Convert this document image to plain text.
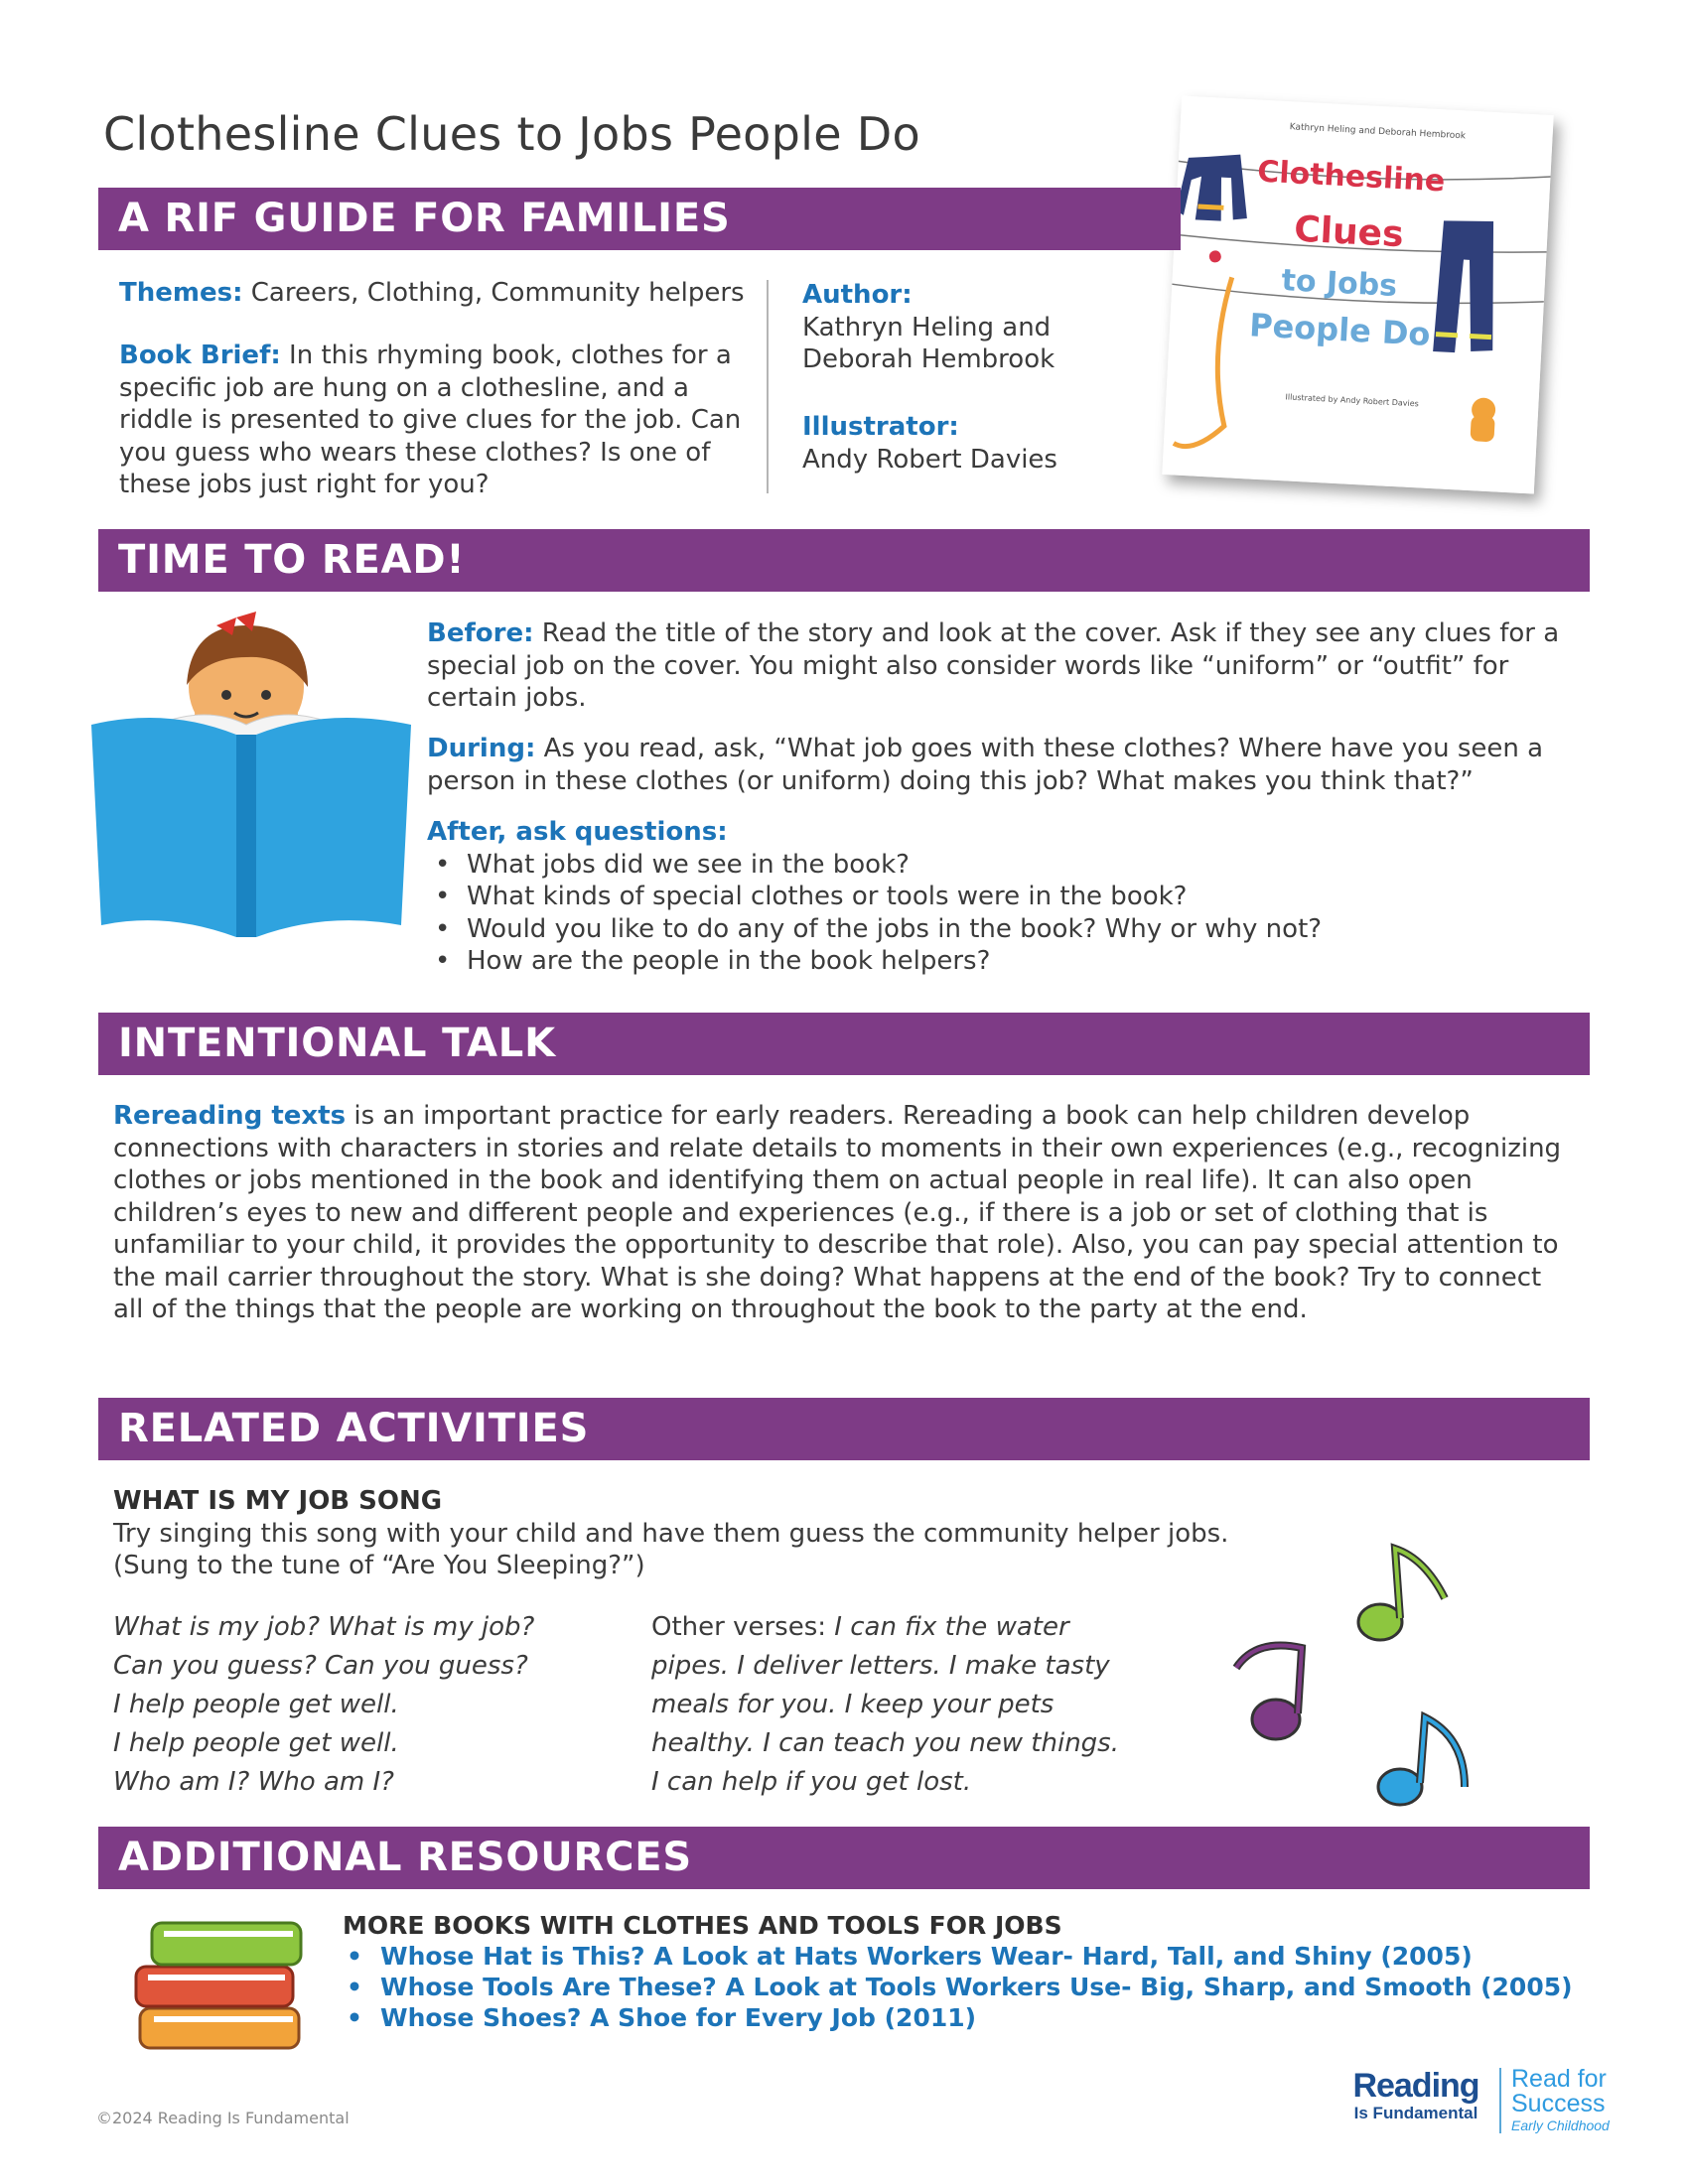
Clothesline Clues to Jobs People Do	Kathryn Heling and Deborah Hembrook
Clothesline
Clues
to Jobs
People Do
Illustrated by Andy Robert Davies
A RIF GUIDE FOR FAMILIES
Themes: Careers, Clothing, Community helpers
Book Brief: In this rhyming book, clothes for a specific job are hung on a clothesline, and a riddle is presented to give clues for the job. Can you guess who wears these clothes? Is one of these jobs just right for you?
Author:
Kathryn Heling and Deborah Hembrook
Illustrator:
Andy Robert Davies
TIME TO READ!
Before: Read the title of the story and look at the cover. Ask if they see any clues for a special job on the cover. You might also consider words like “uniform” or “outfit” for certain jobs.
During: As you read, ask, “What job goes with these clothes? Where have you seen a person in these clothes (or uniform) doing this job? What makes you think that?”
After, ask questions:
• What jobs did we see in the book?
• What kinds of special clothes or tools were in the book?
• Would you like to do any of the jobs in the book? Why or why not?
• How are the people in the book helpers?
INTENTIONAL TALK
Rereading texts is an important practice for early readers. Rereading a book can help children develop connections with characters in stories and relate details to moments in their own experiences (e.g., recognizing clothes or jobs mentioned in the book and identifying them on actual people in real life). It can also open children’s eyes to new and different people and experiences (e.g., if there is a job or set of clothing that is unfamiliar to your child, it provides the opportunity to describe that role). Also, you can pay special attention to the mail carrier throughout the story. What is she doing? What happens at the end of the book? Try to connect all of the things that the people are working on throughout the book to the party at the end.
RELATED ACTIVITIES
WHAT IS MY JOB SONG
Try singing this song with your child and have them guess the community helper jobs.
(Sung to the tune of “Are You Sleeping?”)
What is my job? What is my job?
Can you guess? Can you guess?
I help people get well.
I help people get well.
Who am I? Who am I?
Other verses: I can fix the water
pipes. I deliver letters. I make tasty
meals for you. I keep your pets
healthy. I can teach you new things.
I can help if you get lost.
ADDITIONAL RESOURCES
MORE BOOKS WITH CLOTHES AND TOOLS FOR JOBS
• Whose Hat is This? A Look at Hats Workers Wear- Hard, Tall, and Shiny (2005)
• Whose Tools Are These? A Look at Tools Workers Use- Big, Sharp, and Smooth (2005)
• Whose Shoes? A Shoe for Every Job (2011)
©2024 Reading Is Fundamental
Reading
Is Fundamental
Read for
Success
Early Childhood
